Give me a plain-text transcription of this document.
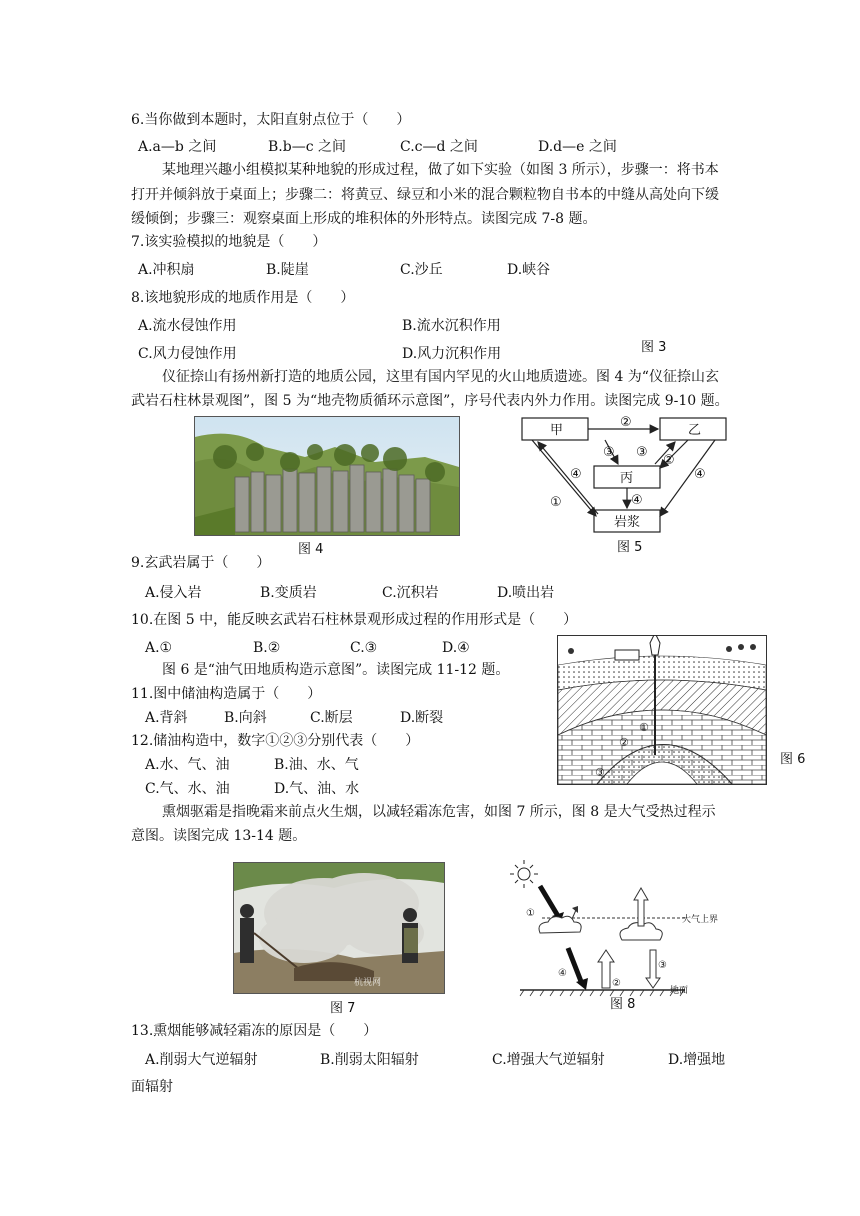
6.当你做到本题时，太阳直射点位于（　　）
A.a—b 之间	B.b—c 之间	C.c—d 之间	D.d—e 之间
某地理兴趣小组模拟某种地貌的形成过程，做了如下实验（如图 3 所示），步骤一：将书本
打开并倾斜放于桌面上；步骤二：将黄豆、绿豆和小米的混合颗粒物自书本的中缝从高处向下缓
缓倾倒；步骤三：观察桌面上形成的堆积体的外形特点。读图完成 7-8 题。
7.该实验模拟的地貌是（　　）
A.冲积扇	B.陡崖	C.沙丘	D.峡谷
8.该地貌形成的地质作用是（　　）
A.流水侵蚀作用	B.流水沉积作用
C.风力侵蚀作用	D.风力沉积作用	图 3
仪征捺山有扬州新打造的地质公园，这里有国内罕见的火山地质遗迹。图 4 为“仪征捺山玄
武岩石柱林景观图”，图 5 为“地壳物质循环示意图”，序号代表内外力作用。读图完成 9-10 题。
图 4
②
③ ③
②
④
④
④
①
甲	乙
丙
岩浆
图 5
9.玄武岩属于（　　）
A.侵入岩	B.变质岩	C.沉积岩	D.喷出岩
10.在图 5 中，能反映玄武岩石柱林景观形成过程的作用形式是（　　）
A.①	B.②	C.③	D.④
图 6 是“油气田地质构造示意图”。读图完成 11-12 题。
11.图中储油构造属于（　　）
A.背斜	B.向斜	C.断层	D.断裂
12.储油构造中，数字①②③分别代表（　　）
A.水、气、油	B.油、水、气
C.气、水、油	D.气、油、水
①
②
③
图 6
熏烟驱霜是指晚霜来前点火生烟，以减轻霜冻危害，如图 7 所示，图 8 是大气受热过程示
意图。读图完成 13-14 题。
杭视网
图 7
①
②
③
④
大气上界
地面
图 8
13.熏烟能够减轻霜冻的原因是（　　）
A.削弱大气逆辐射	B.削弱太阳辐射	C.增强大气逆辐射	D.增强地
面辐射
